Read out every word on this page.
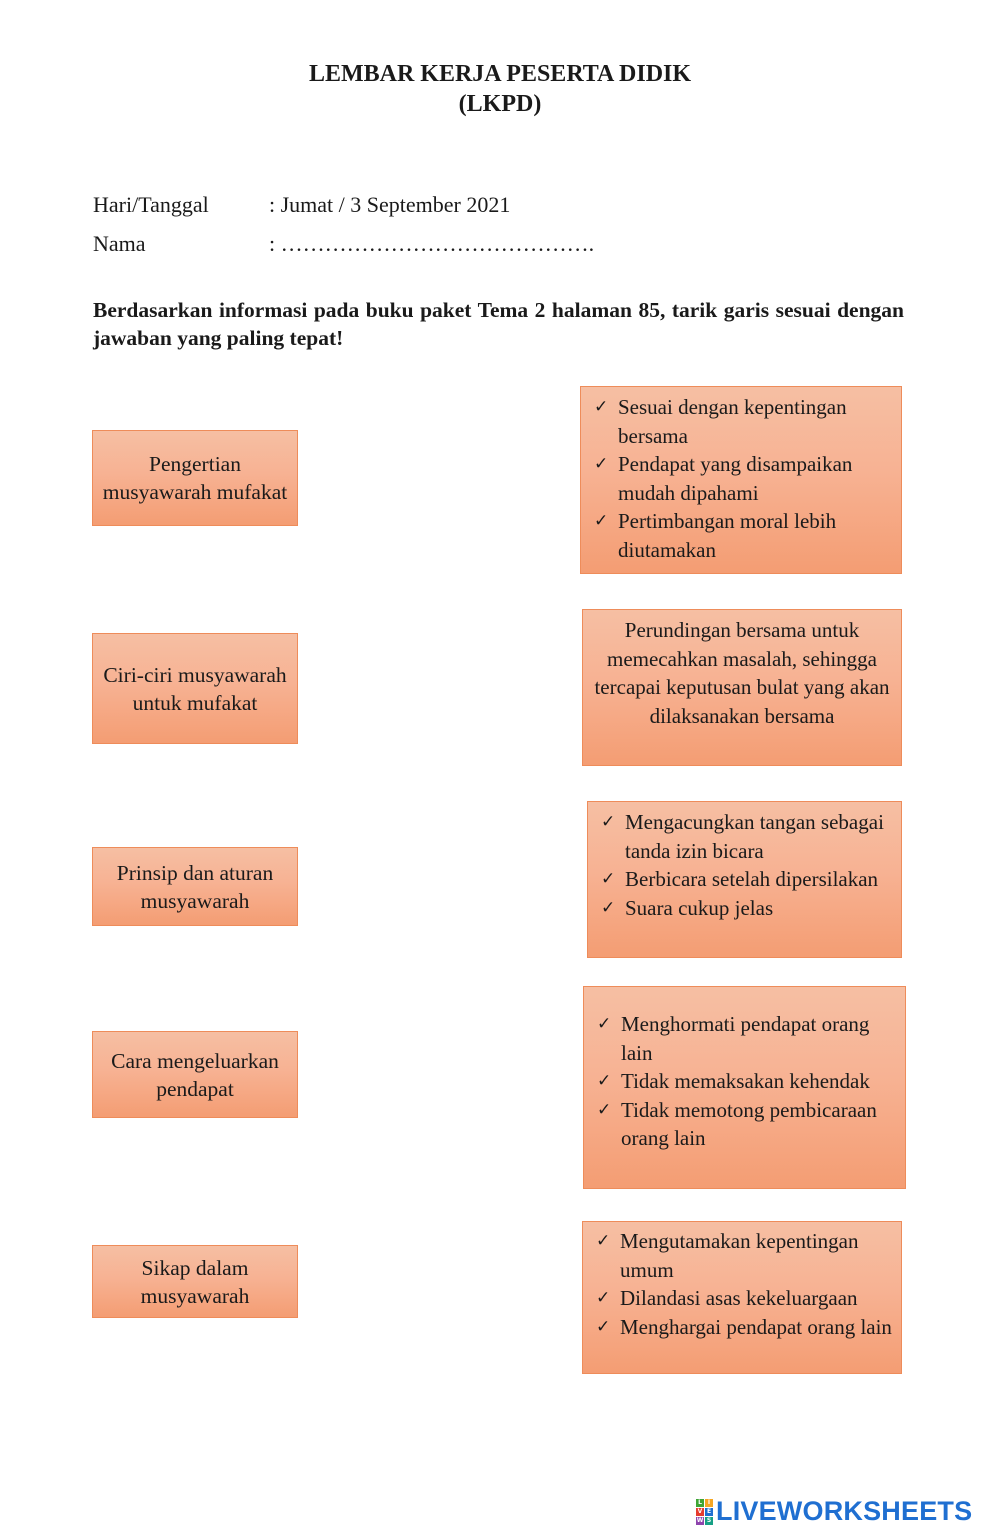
LEMBAR KERJA PESERTA DIDIK
(LKPD)
Hari/Tanggal	: Jumat / 3 September 2021
Nama	: …………………………………….
Berdasarkan informasi pada buku paket Tema 2 halaman 85, tarik garis sesuai dengan jawaban yang paling tepat!
Pengertian musyawarah mufakat
Ciri-ciri musyawarah untuk mufakat
Prinsip dan aturan musyawarah
Cara mengeluarkan pendapat
Sikap dalam musyawarah
✓ Sesuai dengan kepentingan bersama
✓ Pendapat yang disampaikan mudah dipahami
✓ Pertimbangan moral lebih diutamakan
Perundingan bersama untuk memecahkan masalah, sehingga tercapai keputusan bulat yang akan dilaksanakan bersama
✓ Mengacungkan tangan sebagai tanda izin bicara
✓ Berbicara setelah dipersilakan
✓ Suara cukup jelas
✓ Menghormati pendapat orang lain
✓ Tidak memaksakan kehendak
✓ Tidak memotong pembicaraan orang lain
✓ Mengutamakan kepentingan umum
✓ Dilandasi asas kekeluargaan
✓ Menghargai pendapat orang lain
L I
V E
W S LIVEWORKSHEETS
